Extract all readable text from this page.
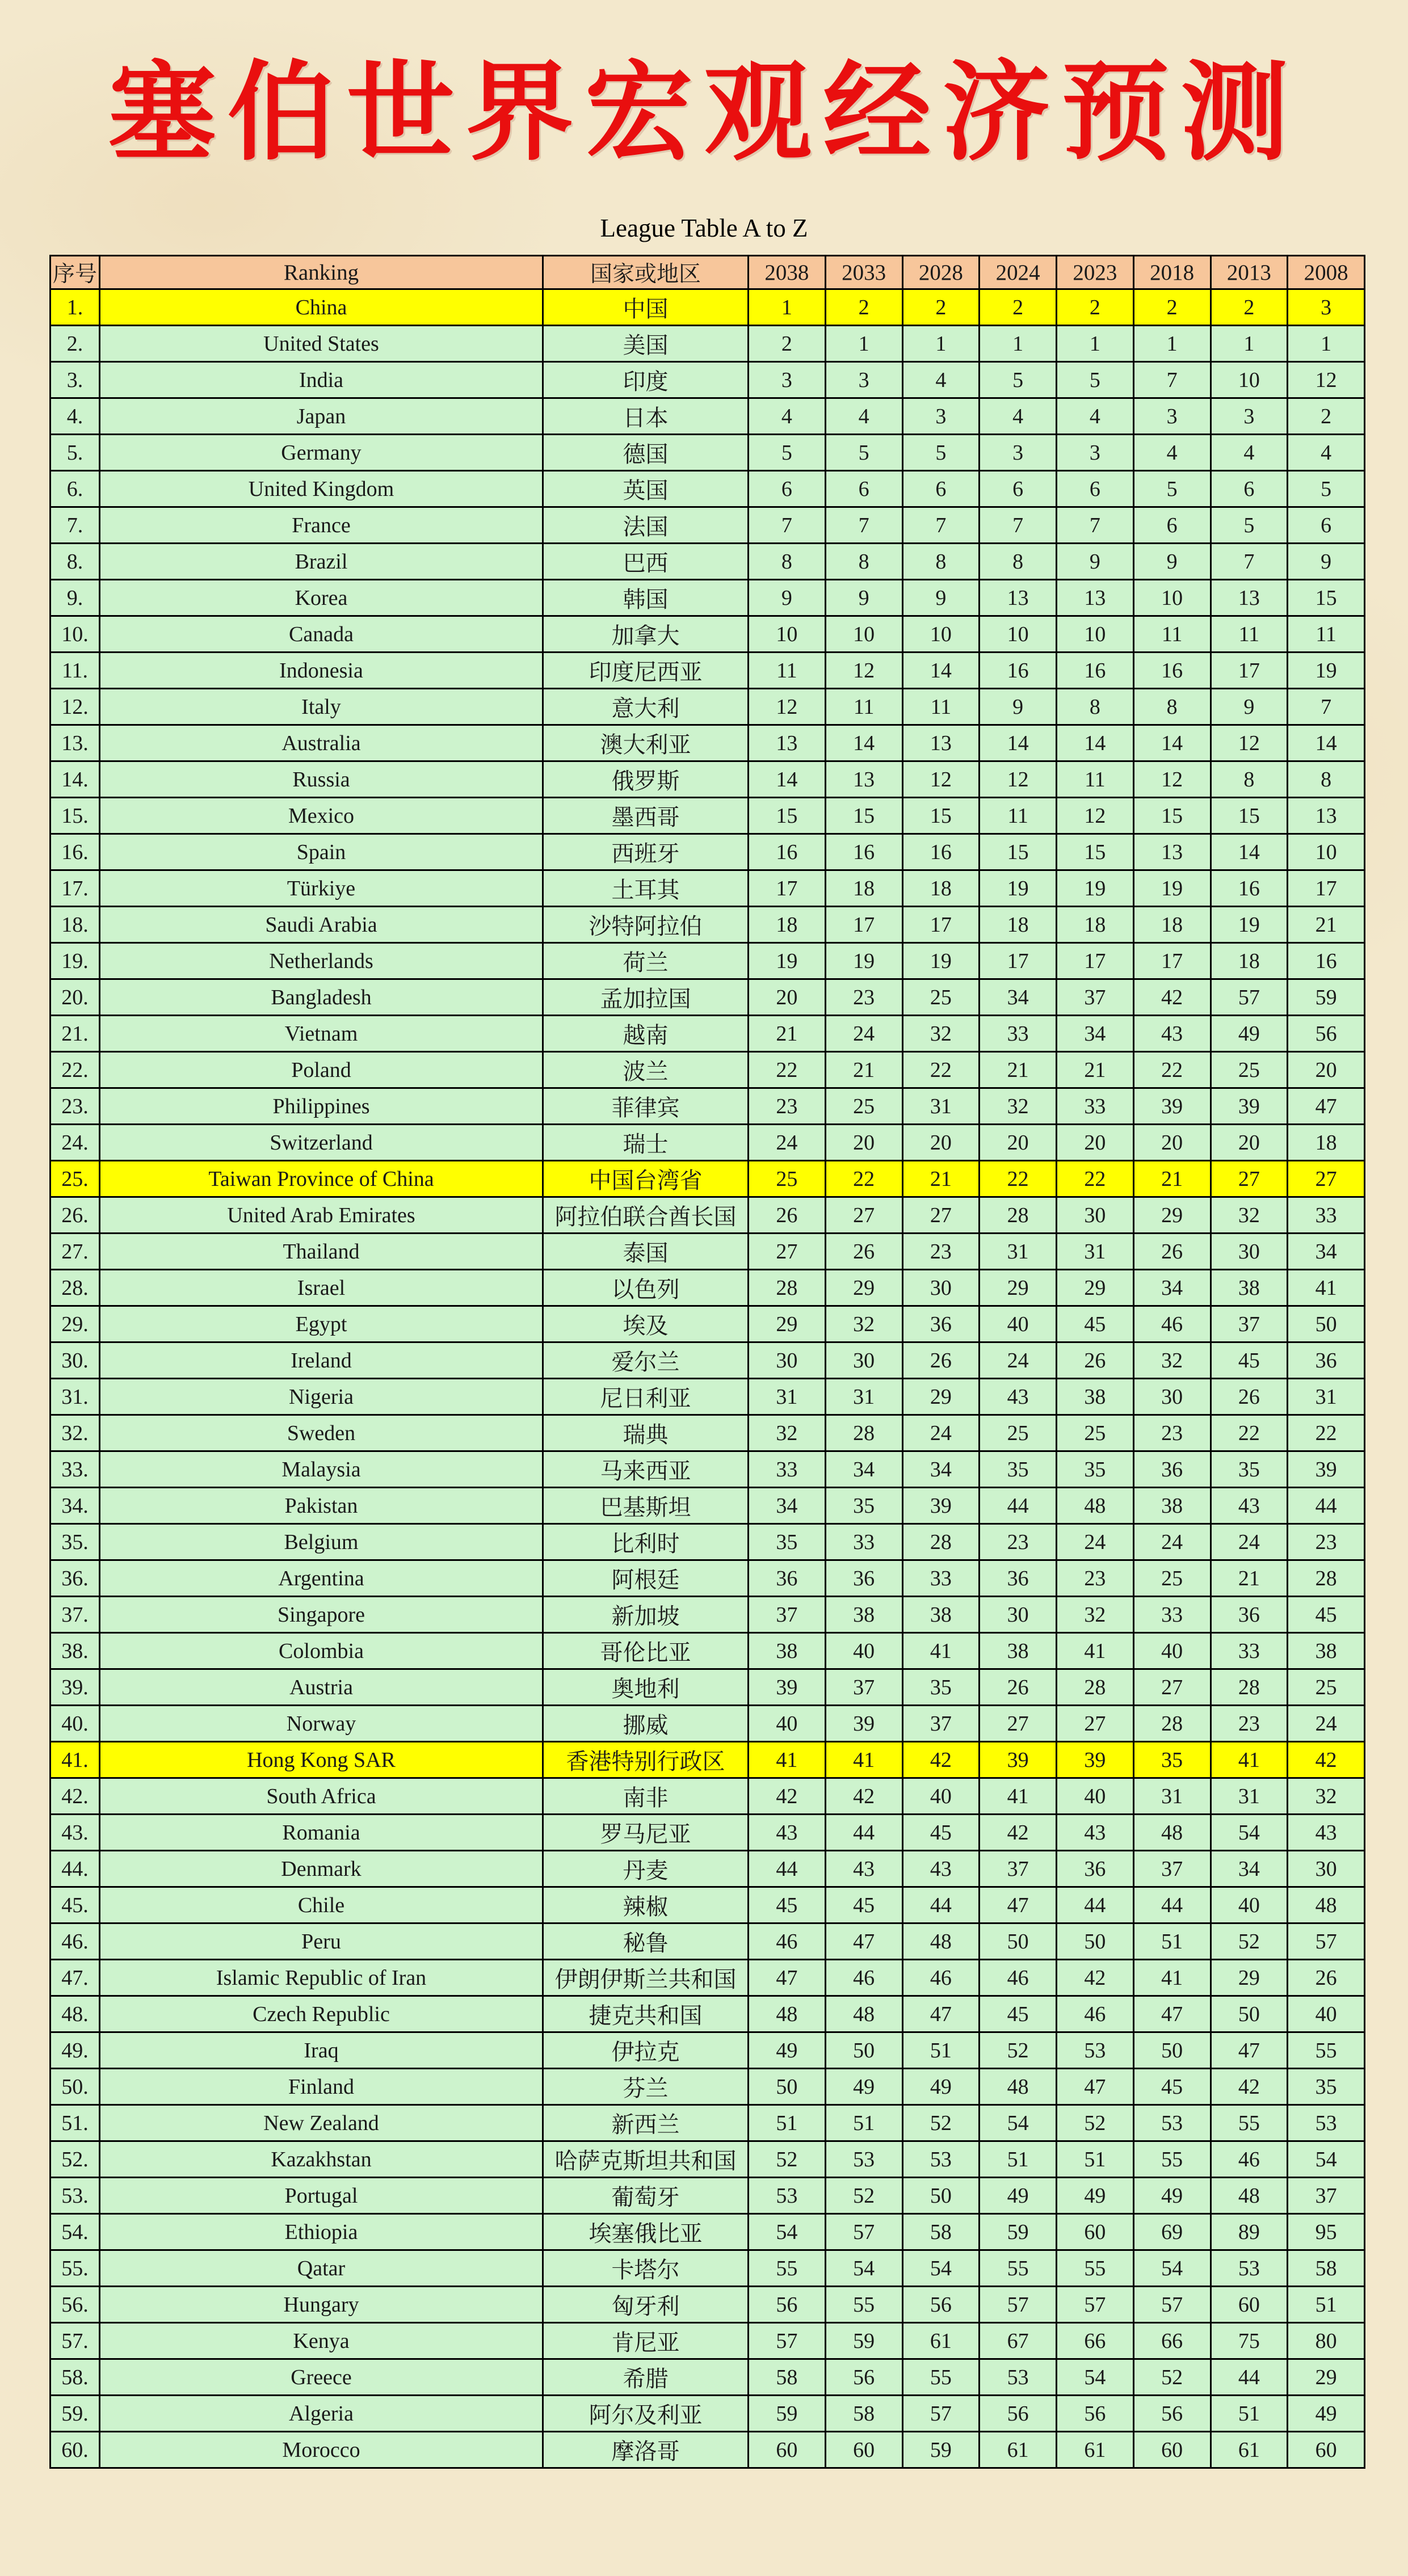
塞伯世界宏观经济预测
League Table A to Z
序号	Ranking	国家或地区	2038	2033	2028	2024	2023	2018	2013	2008
1.	China	中国	1	2	2	2	2	2	2	3
2.	United States	美国	2	1	1	1	1	1	1	1
3.	India	印度	3	3	4	5	5	7	10	12
4.	Japan	日本	4	4	3	4	4	3	3	2
5.	Germany	德国	5	5	5	3	3	4	4	4
6.	United Kingdom	英国	6	6	6	6	6	5	6	5
7.	France	法国	7	7	7	7	7	6	5	6
8.	Brazil	巴西	8	8	8	8	9	9	7	9
9.	Korea	韩国	9	9	9	13	13	10	13	15
10.	Canada	加拿大	10	10	10	10	10	11	11	11
11.	Indonesia	印度尼西亚	11	12	14	16	16	16	17	19
12.	Italy	意大利	12	11	11	9	8	8	9	7
13.	Australia	澳大利亚	13	14	13	14	14	14	12	14
14.	Russia	俄罗斯	14	13	12	12	11	12	8	8
15.	Mexico	墨西哥	15	15	15	11	12	15	15	13
16.	Spain	西班牙	16	16	16	15	15	13	14	10
17.	Türkiye	土耳其	17	18	18	19	19	19	16	17
18.	Saudi Arabia	沙特阿拉伯	18	17	17	18	18	18	19	21
19.	Netherlands	荷兰	19	19	19	17	17	17	18	16
20.	Bangladesh	孟加拉国	20	23	25	34	37	42	57	59
21.	Vietnam	越南	21	24	32	33	34	43	49	56
22.	Poland	波兰	22	21	22	21	21	22	25	20
23.	Philippines	菲律宾	23	25	31	32	33	39	39	47
24.	Switzerland	瑞士	24	20	20	20	20	20	20	18
25.	Taiwan Province of China	中国台湾省	25	22	21	22	22	21	27	27
26.	United Arab Emirates	阿拉伯联合酋长国	26	27	27	28	30	29	32	33
27.	Thailand	泰国	27	26	23	31	31	26	30	34
28.	Israel	以色列	28	29	30	29	29	34	38	41
29.	Egypt	埃及	29	32	36	40	45	46	37	50
30.	Ireland	爱尔兰	30	30	26	24	26	32	45	36
31.	Nigeria	尼日利亚	31	31	29	43	38	30	26	31
32.	Sweden	瑞典	32	28	24	25	25	23	22	22
33.	Malaysia	马来西亚	33	34	34	35	35	36	35	39
34.	Pakistan	巴基斯坦	34	35	39	44	48	38	43	44
35.	Belgium	比利时	35	33	28	23	24	24	24	23
36.	Argentina	阿根廷	36	36	33	36	23	25	21	28
37.	Singapore	新加坡	37	38	38	30	32	33	36	45
38.	Colombia	哥伦比亚	38	40	41	38	41	40	33	38
39.	Austria	奥地利	39	37	35	26	28	27	28	25
40.	Norway	挪威	40	39	37	27	27	28	23	24
41.	Hong Kong SAR	香港特别行政区	41	41	42	39	39	35	41	42
42.	South Africa	南非	42	42	40	41	40	31	31	32
43.	Romania	罗马尼亚	43	44	45	42	43	48	54	43
44.	Denmark	丹麦	44	43	43	37	36	37	34	30
45.	Chile	辣椒	45	45	44	47	44	44	40	48
46.	Peru	秘鲁	46	47	48	50	50	51	52	57
47.	Islamic Republic of Iran	伊朗伊斯兰共和国	47	46	46	46	42	41	29	26
48.	Czech Republic	捷克共和国	48	48	47	45	46	47	50	40
49.	Iraq	伊拉克	49	50	51	52	53	50	47	55
50.	Finland	芬兰	50	49	49	48	47	45	42	35
51.	New Zealand	新西兰	51	51	52	54	52	53	55	53
52.	Kazakhstan	哈萨克斯坦共和国	52	53	53	51	51	55	46	54
53.	Portugal	葡萄牙	53	52	50	49	49	49	48	37
54.	Ethiopia	埃塞俄比亚	54	57	58	59	60	69	89	95
55.	Qatar	卡塔尔	55	54	54	55	55	54	53	58
56.	Hungary	匈牙利	56	55	56	57	57	57	60	51
57.	Kenya	肯尼亚	57	59	61	67	66	66	75	80
58.	Greece	希腊	58	56	55	53	54	52	44	29
59.	Algeria	阿尔及利亚	59	58	57	56	56	56	51	49
60.	Morocco	摩洛哥	60	60	59	61	61	60	61	60
